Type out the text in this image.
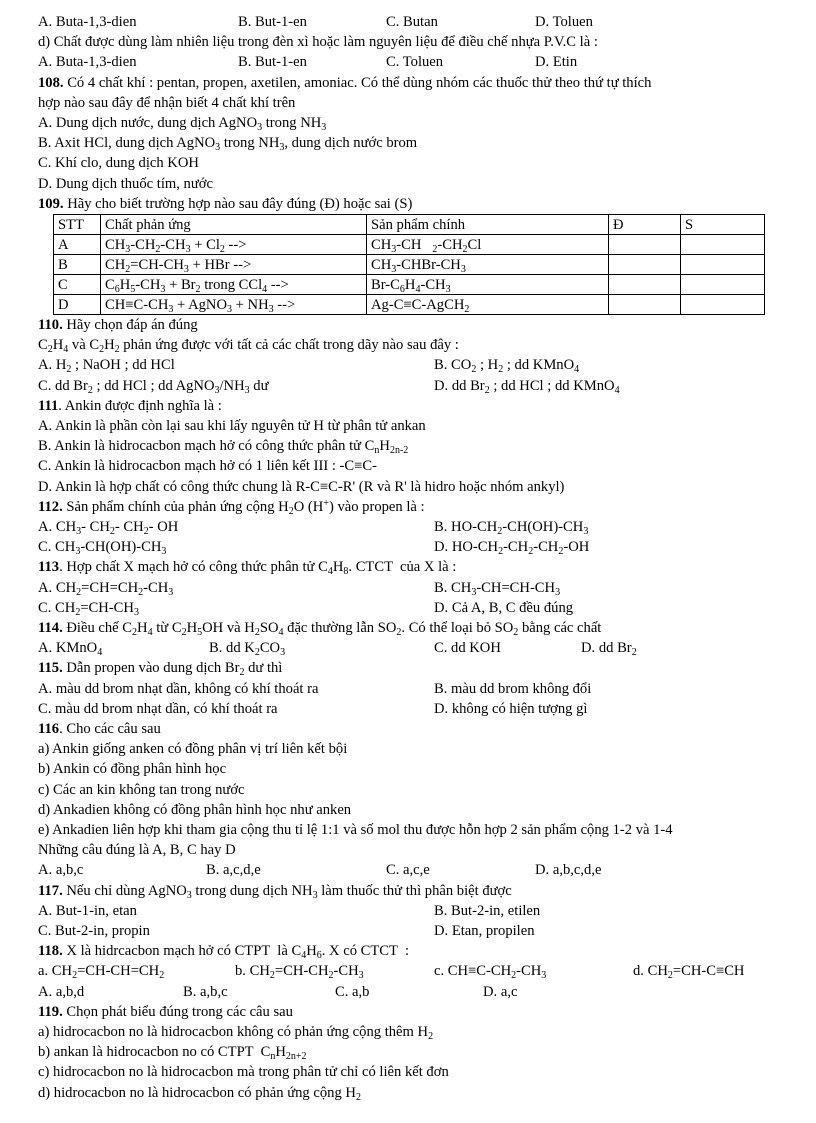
A. Buta-1,3-dien	B. But-1-en	C. Butan	D. Toluen
d) Chất được dùng làm nhiên liệu trong đèn xì hoặc làm nguyên liệu để điều chế nhựa P.V.C là :
A. Buta-1,3-dien	B. But-1-en	C. Toluen	D. Etin
108. Có 4 chất khí : pentan, propen, axetilen, amoniac. Có thể dùng nhóm các thuốc thử theo thứ tự thích
hợp nào sau đây để nhận biết 4 chất khí trên
A. Dung dịch nước, dung dịch AgNO$_3$ trong $NH_3$
B. Axit HCl, dung dịch AgNO$_3$ trong $NH_3$, dung dịch nước brom
C. Khí clo, dung dịch KOH
D. Dung dịch thuốc tím, nước
109. Hãy cho biết trường hợp nào sau đây đúng (Đ) hoặc sai (S)
STT	Chất phản ứng	Sản phẩm chính	Đ	S
A	$CH_3-CH_2-CH_3 + Cl_2$ -->	$CH_3-CH$   $_2-CH_2Cl$		
B	$CH_2=CH-CH_3$ + HBr -->	$CH_3-CHBr-CH_3$		
C	$C_6H_5-CH_3 + Br_2$ trong CCl$_4$ -->	$Br-C_6H_4-CH_3$		
D	$CH\equiv C-CH_3$ + AgNO$_3$ + $NH_3$ -->	Ag-C≡C-AgCH$_2$		
110. Hãy chọn đáp án đúng
$C_2H_4$ và $C_2H_2$ phản ứng được với tất cả các chất trong dãy nào sau đây :
A. $H_2$ ; NaOH ; dd HCl	B. $CO_2$ ; $H_2$ ; dd KMnO$_4$
C. dd $Br_2$ ; dd HCl ; dd $AgNO_3/NH_3$ dư	D. dd $Br_2$ ; dd HCl ; dd KMnO$_4$
111. Ankin được định nghĩa là :
A. Ankin là phần còn lại sau khi lấy nguyên tử H từ phân tử ankan
B. Ankin là hidrocacbon mạch hở có công thức phân tử $C_nH_{2n-2}$
C. Ankin là hidrocacbon mạch hở có 1 liên kết III : -C≡C-
D. Ankin là hợp chất có công thức chung là R-C≡C-R' (R và R' là hidro hoặc nhóm ankyl)
112. Sản phẩm chính của phản ứng cộng $H_2O$ (H+) vào propen là :
A. $CH_3-$ $CH_2-$ $CH_2-$ OH	B. $HO-CH_2-CH(OH)-CH_3$
C. $CH_3-CH(OH)-CH_3$	D. $HO-CH_2-CH_2-CH_2-OH$
113. Hợp chất X mạch hở có công thức phân tử $C_4H_8$. CTCT  của X là :
A. $CH_2=CH=CH_2-CH_3$	B. $CH_3-CH=CH-CH_3$
C. $CH_2=CH-CH_3$	D. Cả A, B, C đều đúng
114. Điều chế $C_2H_4$ từ $C_2H_5OH$ và $H_2SO_4$ đặc thường lẫn $SO_2$. Có thể loại bỏ $SO_2$ bằng các chất
A. KMnO$_4$	B. dd $K_2CO_3$	C. dd KOH	D. dd $Br_2$
115. Dẫn propen vào dung dịch $Br_2$ dư thì
A. màu dd brom nhạt dần, không có khí thoát ra	B. màu dd brom không đổi
C. màu dd brom nhạt dần, có khí thoát ra	D. không có hiện tượng gì
116. Cho các câu sau
a) Ankin giống anken có đồng phân vị trí liên kết bội
b) Ankin có đồng phân hình học
c) Các an kin không tan trong nước
d) Ankadien không có đồng phân hình học như anken
e) Ankadien liên hợp khi tham gia cộng thu tỉ lệ 1:1 và số mol thu được hỗn hợp 2 sản phẩm cộng 1-2 và 1-4
Những câu đúng là A, B, C hay D
A. a,b,c	B. a,c,d,e	C. a,c,e	D. a,b,c,d,e
117. Nếu chỉ dùng AgNO$_3$ trong dung dịch $NH_3$ làm thuốc thử thì phân biệt được
A. But-1-in, etan	B. But-2-in, etilen
C. But-2-in, propin	D. Etan, propilen
118. X là hidrcacbon mạch hở có CTPT  là $C_4H_6$. X có CTCT  :
a. $CH_2=CH-CH=CH_2$	b. $CH_2=CH-CH_2-CH_3$	c. $CH\equiv C-CH_2-CH_3$	d. $CH_2=CH-C\equiv CH$
A. a,b,d	B. a,b,c	C. a,b	D. a,c
119. Chọn phát biểu đúng trong các câu sau
a) hidrocacbon no là hidrocacbon không có phản ứng cộng thêm $H_2$
b) ankan là hidrocacbon no có CTPT  $C_nH_{2n+2}$
c) hidrocacbon no là hidrocacbon mà trong phân tử chỉ có liên kết đơn
d) hidrocacbon no là hidrocacbon có phản ứng cộng $H_2$
